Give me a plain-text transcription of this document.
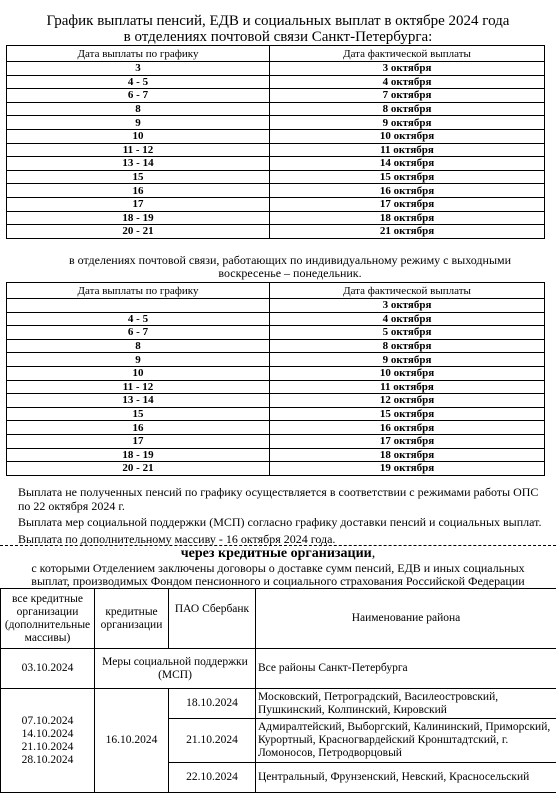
График выплаты пенсий, ЕДВ и социальных выплат в октябре 2024 года
в отделениях почтовой связи Санкт-Петербурга:
Дата выплаты по графику	Дата фактической выплаты
3	3 октября
4 - 5	4 октября
6 - 7	7 октября
8	8 октября
9	9 октября
10	10 октября
11 - 12	11 октября
13 - 14	14 октября
15	15 октября
16	16 октября
17	17 октября
18 - 19	18 октября
20 - 21	21 октября
в отделениях почтовой связи, работающих по индивидуальному режиму с выходными
воскресенье – понедельник.
Дата выплаты по графику	Дата фактической выплаты
	3 октября
4 - 5	4 октября
6 - 7	5 октября
8	8 октября
9	9 октября
10	10 октября
11 - 12	11 октября
13 - 14	12 октября
15	15 октября
16	16 октября
17	17 октября
18 - 19	18 октября
20 - 21	19 октября
Выплата не полученных пенсий по графику осуществляется в соответствии с режимами работы ОПС
по 22 октября 2024 г.
Выплата мер социальной поддержки (МСП) согласно графику доставки пенсий и социальных выплат.
Выплата по дополнительному массиву - 16 октября 2024 года.
через кредитные организации,
с которыми Отделением заключены договоры о доставке сумм пенсий, ЕДВ и иных социальных
выплат, производимых Фондом пенсионного и социального страхования Российской Федерации
все кредитные организации (дополнительные массивы)	кредитные организации	ПАО Сбербанк	Наименование района
03.10.2024	Меры социальной поддержки (МСП)		Все районы Санкт-Петербурга

07.10.2024
14.10.2024
21.10.2024
28.10.2024	16.10.2024	18.10.2024	Московский, Петроградский, Василеостровский, Пушкинский, Колпинский, Кировский
		21.10.2024	Адмиралтейский, Выборгский, Калининский, Приморский, Курортный, Красногвардейский Кронштадтский, г. Ломоносов, Петродворцовый
		22.10.2024	Центральный, Фрунзенский, Невский, Красносельский
